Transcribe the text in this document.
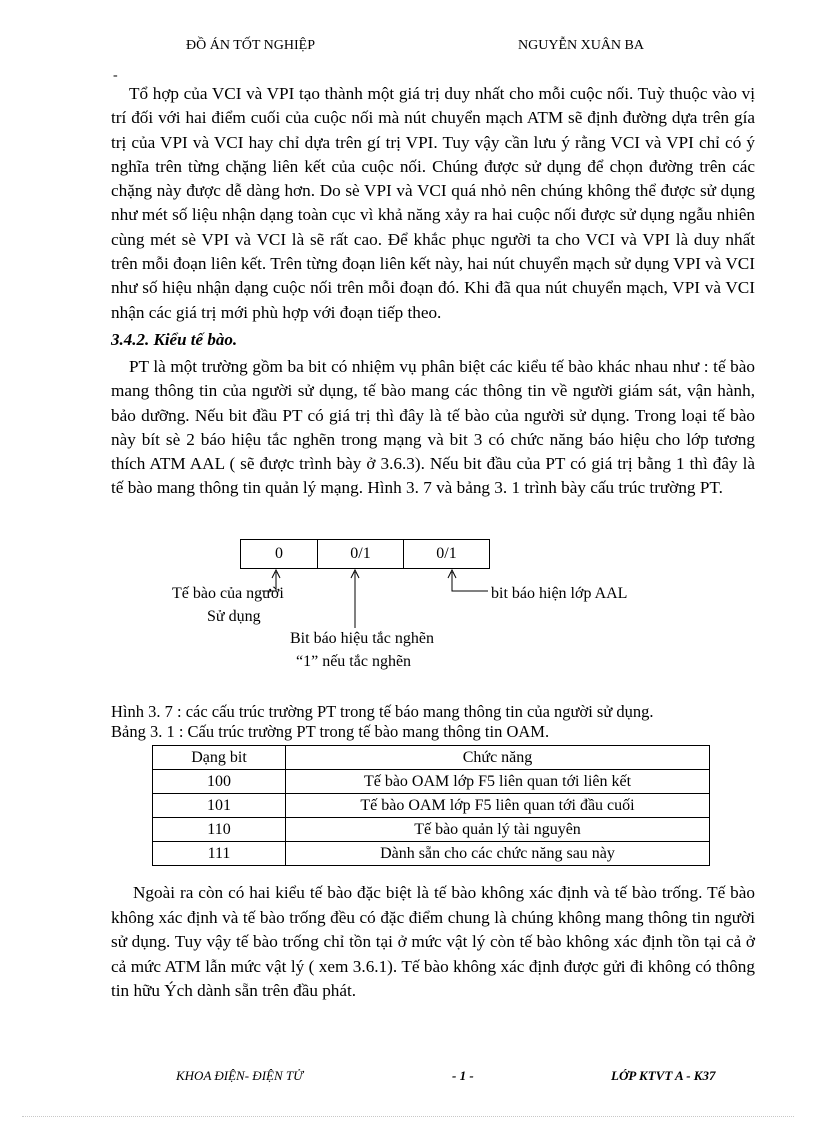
ĐỒ ÁN TỐT NGHIỆP	NGUYỄN XUÂN BA
-

Tổ hợp của VCI và VPI tạo thành một giá trị duy nhất cho mỗi cuộc nối. Tuỳ thuộc vào vị trí đối với hai điểm cuối của cuộc nối mà nút chuyển mạch ATM sẽ định đường dựa trên gía trị của VPI và VCI hay chỉ dựa trên gí trị VPI. Tuy vậy cần lưu ý rằng VCI và VPI chỉ có ý nghĩa trên từng chặng liên kết của cuộc nối. Chúng được sử dụng để chọn đường trên các chặng này được dễ dàng hơn. Do sè VPI và VCI quá nhỏ nên chúng không thể được sử dụng như mét số liệu nhận dạng toàn cục vì khả năng xảy ra hai cuộc nối được sử dụng ngẫu nhiên cùng mét sè VPI và VCI là sẽ rất cao. Để khắc phục người ta cho VCI và VPI là duy nhất trên mỗi đoạn liên kết. Trên từng đoạn liên kết này, hai nút chuyển mạch sử dụng VPI và VCI như số hiệu nhận dạng cuộc nối trên mỗi đoạn đó. Khi đã qua nút chuyển mạch, VPI và VCI nhận các giá trị mới phù hợp với đoạn tiếp theo.

3.4.2. Kiểu tế bào.

PT là một trường gồm ba bit có nhiệm vụ phân biệt các kiểu tế bào khác nhau như : tế bào mang thông tin của người sử dụng, tế bào mang các thông tin về người giám sát, vận hành, bảo dưỡng. Nếu bit đầu PT có giá trị thì đây là tế bào của người sử dụng. Trong loại tế bào này bít sè 2 báo hiệu tắc nghẽn trong mạng và bit 3 có chức năng báo hiệu cho lớp tương thích ATM AAL ( sẽ được trình bày ở 3.6.3). Nếu bit đầu của PT có giá trị bằng 1 thì đây là tế bào mang thông tin quản lý mạng. Hình 3. 7 và bảng 3. 1 trình bày cấu trúc trường PT.

0	0/1	0/1
Tế bào của người
Sử dụng
Bit báo hiệu tắc nghẽn
“1” nếu tắc nghẽn
bit báo hiện lớp AAL

Hình 3. 7 : các cấu trúc trường PT trong tế báo mang thông tin của người sử dụng.

Bảng 3. 1 : Cấu trúc trường PT trong tế bào mang thông tin OAM.

Dạng bit	Chức năng
100	Tế bào OAM lớp F5 liên quan tới liên kết
101	Tế bào OAM lớp F5 liên quan tới đầu cuối
110	Tế bào quản lý tài nguyên
111	Dành sẵn cho các chức năng sau này

Ngoài ra còn có hai kiểu tế bào đặc biệt là tế bào không xác định và tế bào trống. Tế bào không xác định và tế bào trống đều có đặc điểm chung là chúng không mang thông tin người sử dụng. Tuy vậy tế bào trống chỉ tồn tại ở mức vật lý còn tế bào không xác định tồn tại cả ở cả mức ATM lẫn mức vật lý ( xem 3.6.1). Tế bào không xác định được gửi đi không có thông tin hữu Ých dành sẵn trên đầu phát.

KHOA ĐIỆN- ĐIỆN TỬ	- 1 -	LỚP KTVT A - K37
